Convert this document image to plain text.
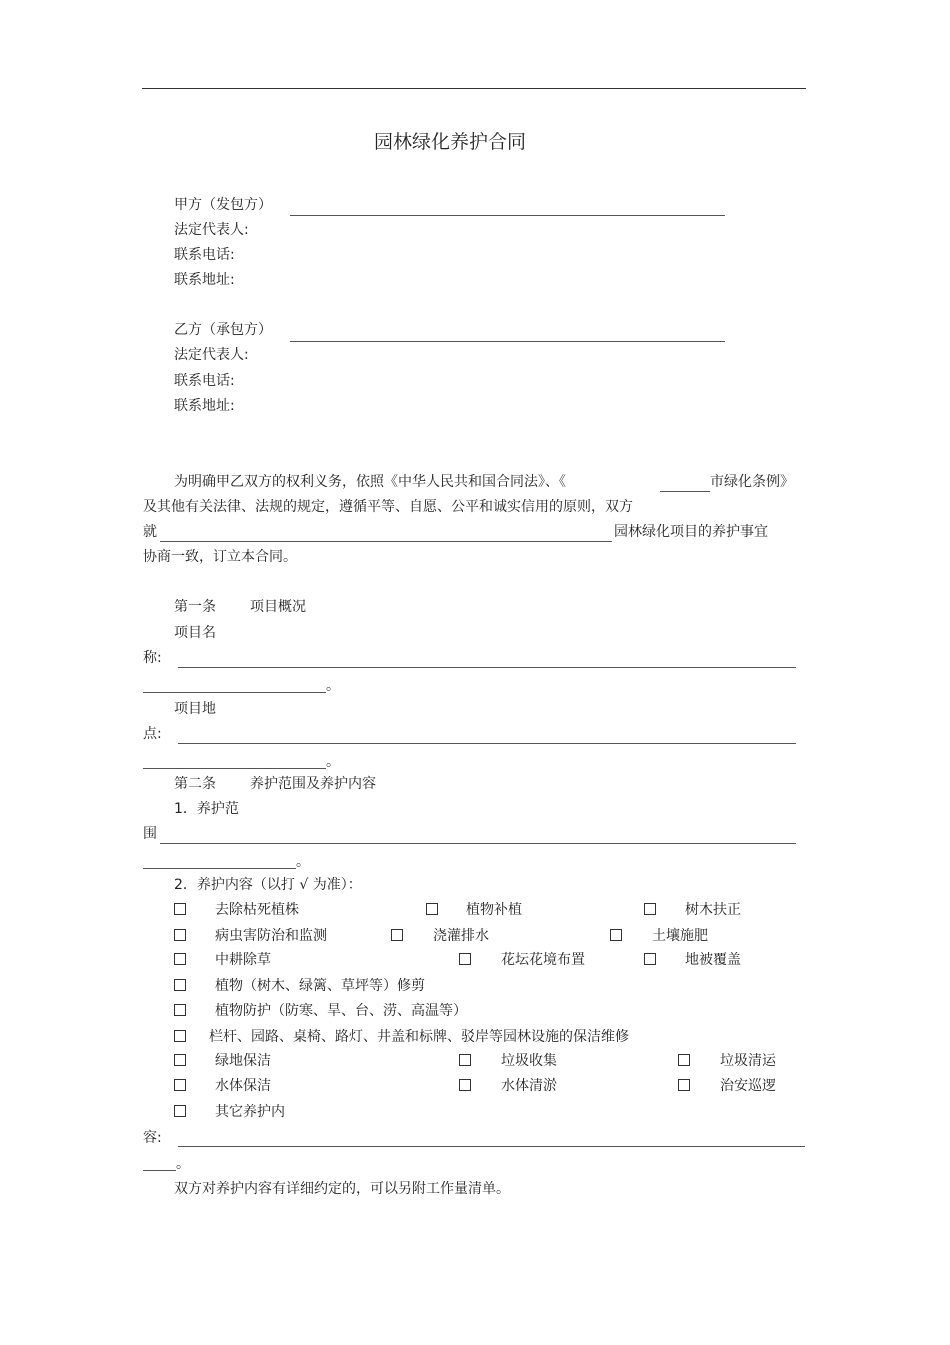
园林绿化养护合同
甲方（发包方）
法定代表人:
联系电话:
联系地址:
乙方（承包方）
法定代表人:
联系电话:
联系地址:
为明确甲乙双方的权利义务，依照《中华人民共和国合同法》、《	市绿化条例》
及其他有关法律、法规的规定，遵循平等、自愿、公平和诚实信用的原则，双方
就	园林绿化项目的养护事宜
协商一致，订立本合同。
第一条 项目概况
项目名
称:
。
项目地
点:
。
第二条 养护范围及养护内容
1．养护范
围
。
2．养护内容（以打 √ 为准）：
去除枯死植株	植物补植	树木扶正
病虫害防治和监测	浇灌排水	土壤施肥
中耕除草	花坛花境布置	地被覆盖
植物（树木、绿篱、草坪等）修剪
植物防护（防寒、旱、台、涝、高温等）
栏杆、园路、桌椅、路灯、井盖和标牌、驳岸等园林设施的保洁维修
绿地保洁	垃圾收集	垃圾清运
水体保洁	水体清淤	治安巡逻
其它养护内
容:
。
双方对养护内容有详细约定的，可以另附工作量清单。
